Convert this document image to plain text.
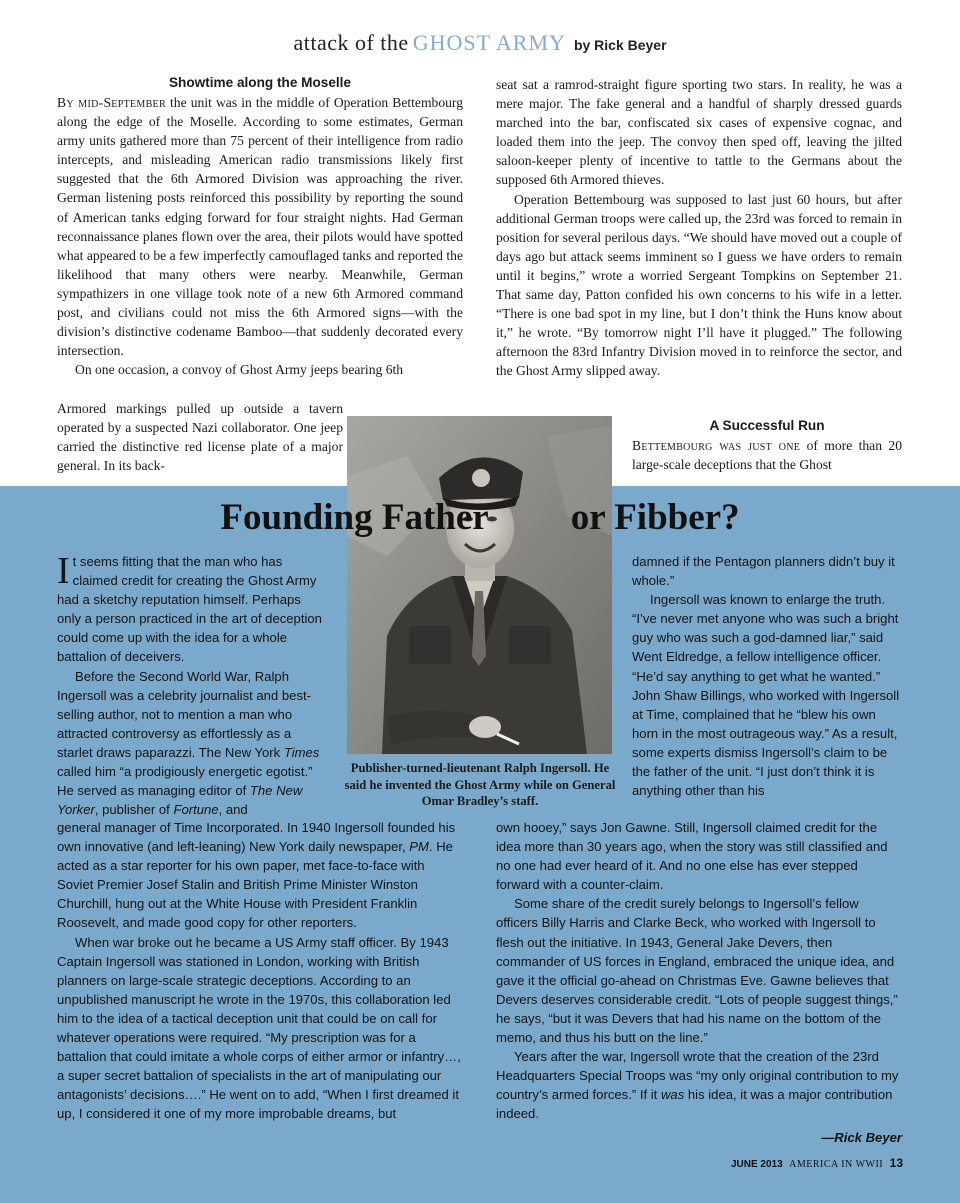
attack of the GHOST ARMY by Rick Beyer
Showtime along the Moselle

By mid-September the unit was in the middle of Operation Bettembourg along the edge of the Moselle. According to some estimates, German army units gathered more than 75 percent of their intelligence from radio intercepts, and misleading American radio transmissions likely first suggested that the 6th Armored Division was approaching the river. German listening posts reinforced this possibility by reporting the sound of American tanks edging forward for four straight nights. Had German reconnaissance planes flown over the area, their pilots would have spotted what appeared to be a few imperfectly camouflaged tanks and reported the likelihood that many others were nearby. Meanwhile, German sympathizers in one village took note of a new 6th Armored command post, and civilians could not miss the 6th Armored signs—with the division’s distinctive codename Bamboo—that suddenly decorated every intersection.

On one occasion, a convoy of Ghost Army jeeps bearing 6th

Armored markings pulled up outside a tavern operated by a suspected Nazi collaborator. One jeep carried the distinctive red license plate of a major general. In its back-

seat sat a ramrod-straight figure sporting two stars. In reality, he was a mere major. The fake general and a handful of sharply dressed guards marched into the bar, confiscated six cases of expensive cognac, and loaded them into the jeep. The convoy then sped off, leaving the jilted saloon-keeper plenty of incentive to tattle to the Germans about the supposed 6th Armored thieves.

Operation Bettembourg was supposed to last just 60 hours, but after additional German troops were called up, the 23rd was forced to remain in position for several perilous days. “We should have moved out a couple of days ago but attack seems imminent so I guess we have orders to remain until it begins,” wrote a worried Sergeant Tompkins on September 21. That same day, Patton confided his own concerns to his wife in a letter. “There is one bad spot in my line, but I don’t think the Huns know about it,” he wrote. “By tomorrow night I’ll have it plugged.” The following afternoon the 83rd Infantry Division moved in to reinforce the sector, and the Ghost Army slipped away.

A Successful Run

Bettembourg was just one of more than 20 large-scale deceptions that the Ghost

Founding Father or Fibber?
Publisher-turned-lieutenant Ralph Ingersoll. He said he invented the Ghost Army while on General Omar Bradley’s staff.

It seems fitting that the man who has claimed credit for creating the Ghost Army had a sketchy reputation himself. Perhaps only a person practiced in the art of deception could come up with the idea for a whole battalion of deceivers.

Before the Second World War, Ralph Ingersoll was a celebrity journalist and best-selling author, not to mention a man who attracted controversy as effortlessly as a starlet draws paparazzi. The New York Times called him “a prodigiously energetic egotist.” He served as managing editor of The New Yorker, publisher of Fortune, and

general manager of Time Incorporated. In 1940 Ingersoll founded his own innovative (and left-leaning) New York daily newspaper, PM. He acted as a star reporter for his own paper, met face-to-face with Soviet Premier Josef Stalin and British Prime Minister Winston Churchill, hung out at the White House with President Franklin Roosevelt, and made good copy for other reporters.

When war broke out he became a US Army staff officer. By 1943 Captain Ingersoll was stationed in London, working with British planners on large-scale strategic deceptions. According to an unpublished manuscript he wrote in the 1970s, this collaboration led him to the idea of a tactical deception unit that could be on call for whatever operations were required. “My prescription was for a battalion that could imitate a whole corps of either armor or infantry…, a super secret battalion of specialists in the art of manipulating our antagonists’ decisions….” He went on to add, “When I first dreamed it up, I considered it one of my more improbable dreams, but

damned if the Pentagon planners didn’t buy it whole.”

Ingersoll was known to enlarge the truth. “I’ve never met anyone who was such a bright guy who was such a god-damned liar,” said Went Eldredge, a fellow intelligence officer. “He’d say anything to get what he wanted.” John Shaw Billings, who worked with Ingersoll at Time, complained that he “blew his own horn in the most outrageous way.” As a result, some experts dismiss Ingersoll’s claim to be the father of the unit. “I just don’t think it is anything other than his

own hooey,” says Jon Gawne. Still, Ingersoll claimed credit for the idea more than 30 years ago, when the story was still classified and no one had ever heard of it. And no one else has ever stepped forward with a counter-claim.

Some share of the credit surely belongs to Ingersoll’s fellow officers Billy Harris and Clarke Beck, who worked with Ingersoll to flesh out the initiative. In 1943, General Jake Devers, then commander of US forces in England, embraced the unique idea, and gave it the official go-ahead on Christmas Eve. Gawne believes that Devers deserves considerable credit. “Lots of people suggest things,” he says, “but it was Devers that had his name on the bottom of the memo, and thus his butt on the line.”

Years after the war, Ingersoll wrote that the creation of the 23rd Headquarters Special Troops was “my only original contribution to my country’s armed forces.” If it was his idea, it was a major contribution indeed.

—Rick Beyer
JUNE 2013 AMERICA IN WWII 13
